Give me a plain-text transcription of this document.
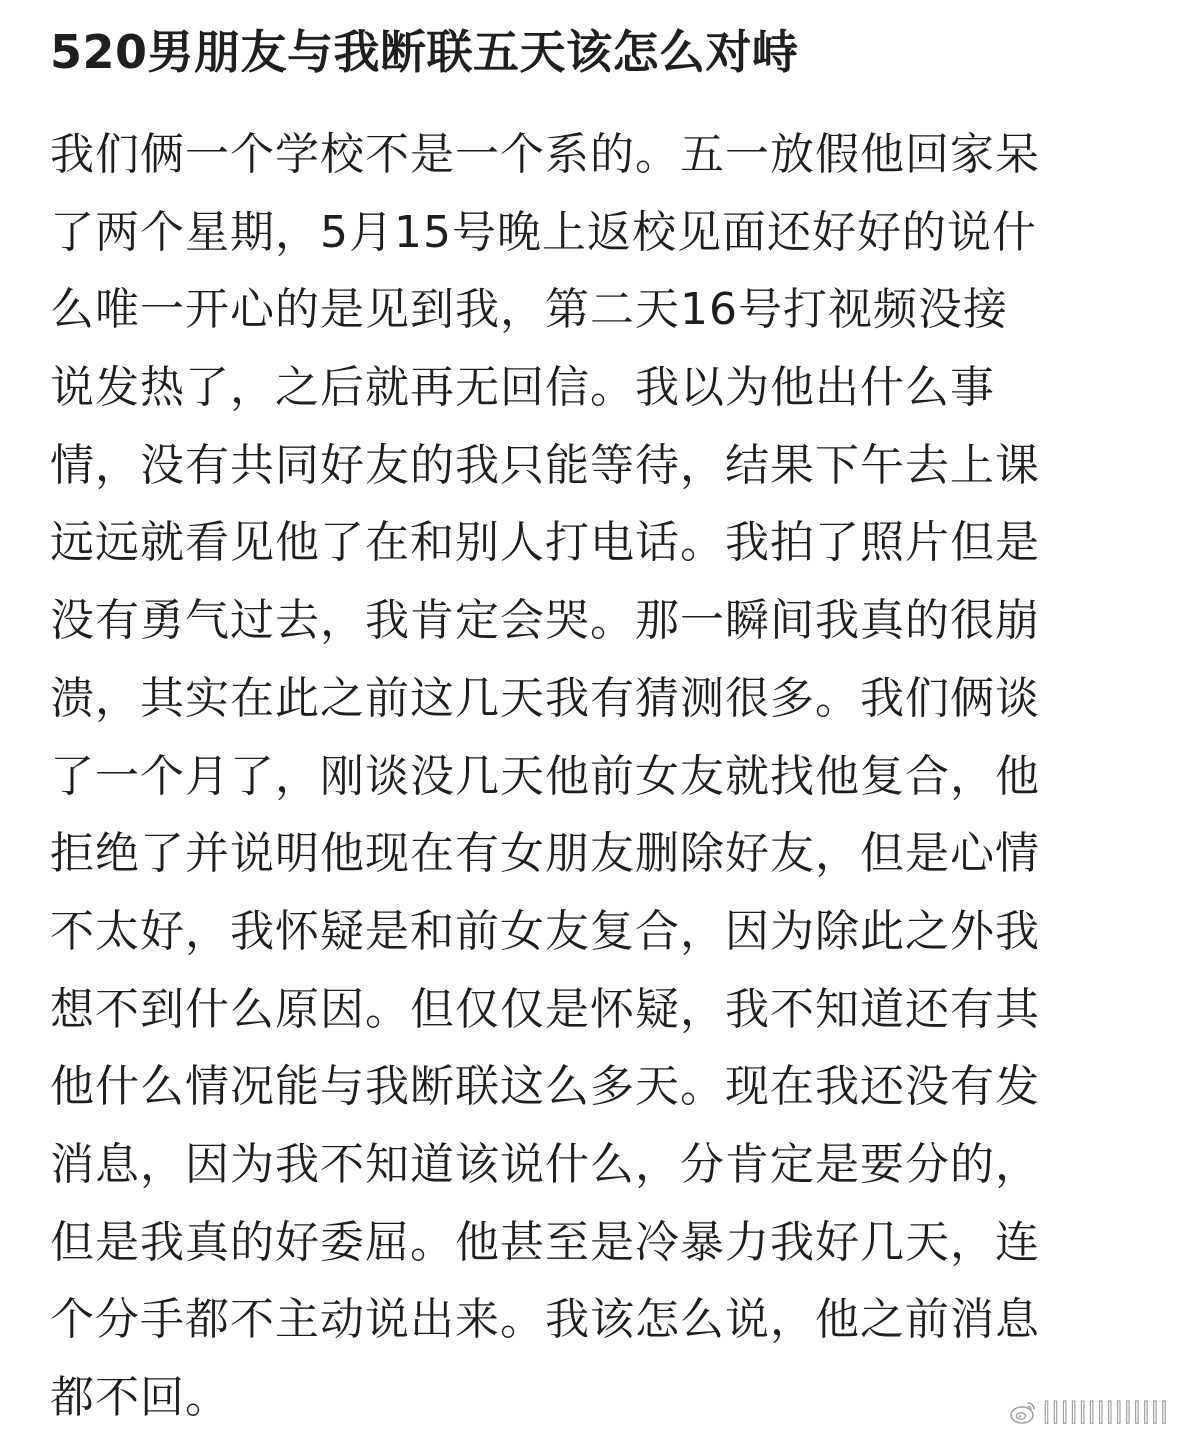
520男朋友与我断联五天该怎么对峙
我们俩一个学校不是一个系的。五一放假他回家呆
了两个星期，5月15号晚上返校见面还好好的说什
么唯一开心的是见到我，第二天16号打视频没接
说发热了，之后就再无回信。我以为他出什么事
情，没有共同好友的我只能等待，结果下午去上课
远远就看见他了在和别人打电话。我拍了照片但是
没有勇气过去，我肯定会哭。那一瞬间我真的很崩
溃，其实在此之前这几天我有猜测很多。我们俩谈
了一个月了，刚谈没几天他前女友就找他复合，他
拒绝了并说明他现在有女朋友删除好友，但是心情
不太好，我怀疑是和前女友复合，因为除此之外我
想不到什么原因。但仅仅是怀疑，我不知道还有其
他什么情况能与我断联这么多天。现在我还没有发
消息，因为我不知道该说什么，分肯定是要分的，
但是我真的好委屈。他甚至是冷暴力我好几天，连
个分手都不主动说出来。我该怎么说，他之前消息
都不回。	||||||||||||||
